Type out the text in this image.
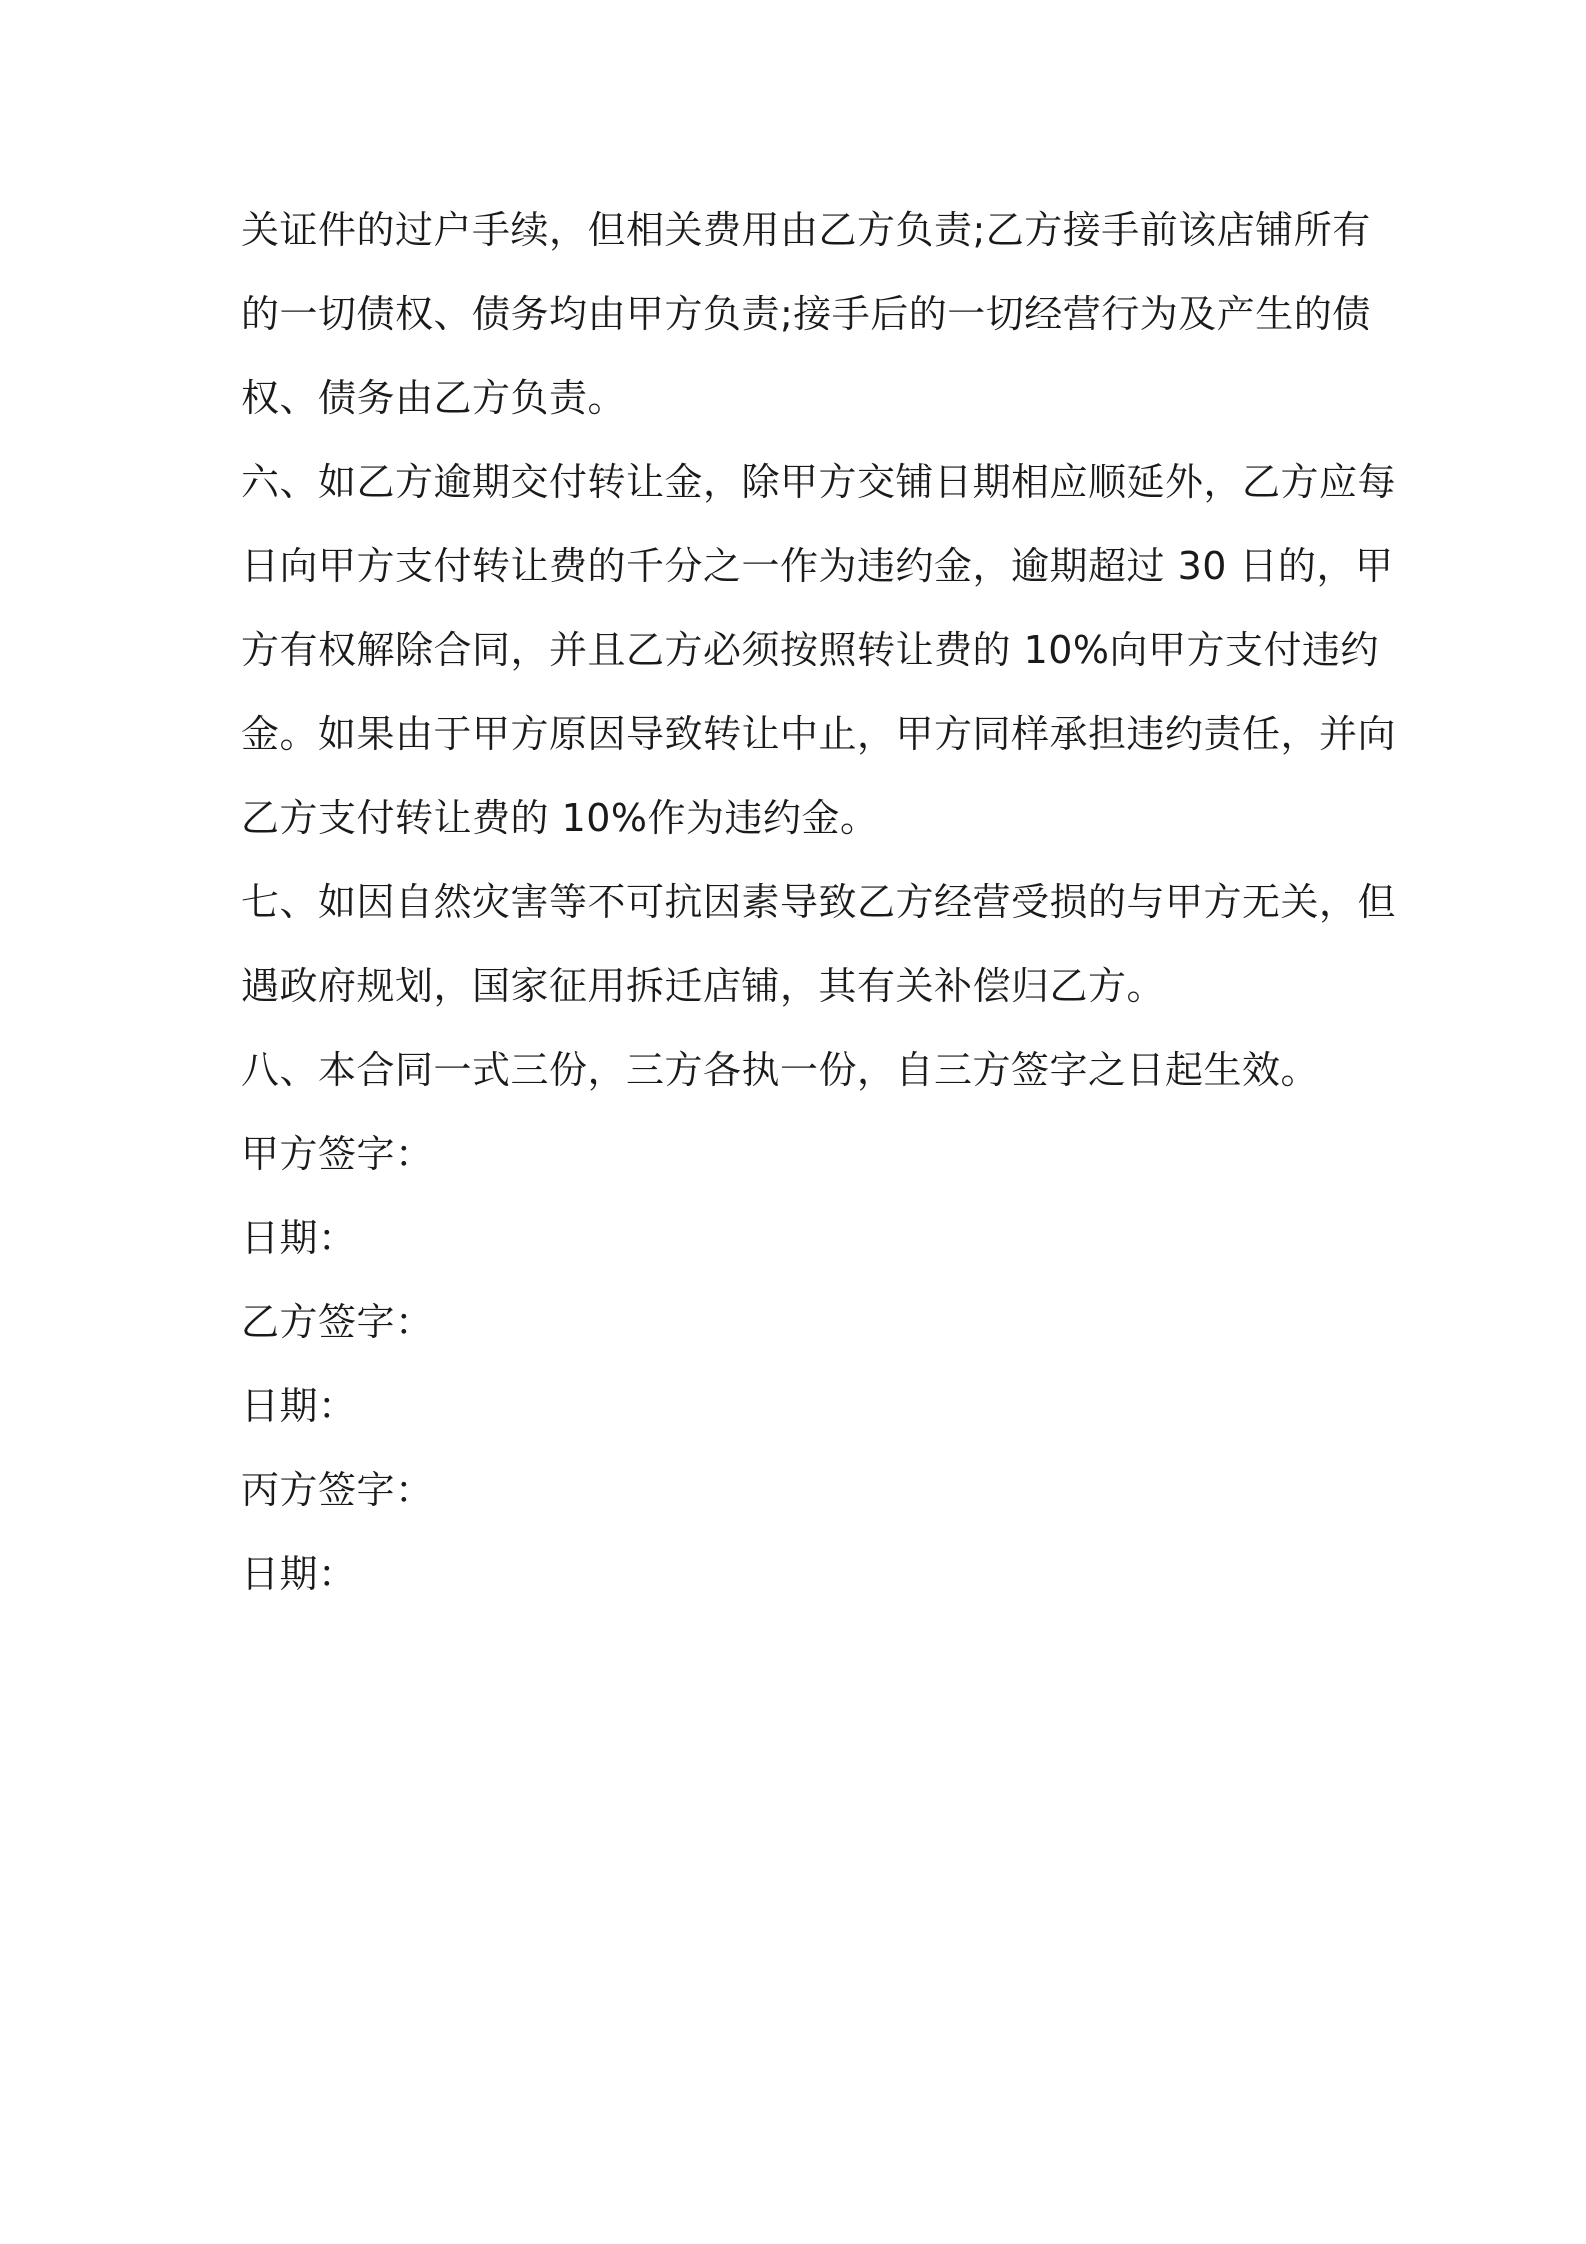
关证件的过户手续，但相关费用由乙方负责;乙方接手前该店铺所有
的一切债权、债务均由甲方负责;接手后的一切经营行为及产生的债
权、债务由乙方负责。
六、如乙方逾期交付转让金，除甲方交铺日期相应顺延外，乙方应每
日向甲方支付转让费的千分之一作为违约金，逾期超过 30 日的，甲
方有权解除合同，并且乙方必须按照转让费的 10%向甲方支付违约
金。如果由于甲方原因导致转让中止，甲方同样承担违约责任，并向
乙方支付转让费的 10%作为违约金。
七、如因自然灾害等不可抗因素导致乙方经营受损的与甲方无关，但
遇政府规划，国家征用拆迁店铺，其有关补偿归乙方。
八、本合同一式三份，三方各执一份，自三方签字之日起生效。
甲方签字：
日期：
乙方签字：
日期：
丙方签字：
日期：
